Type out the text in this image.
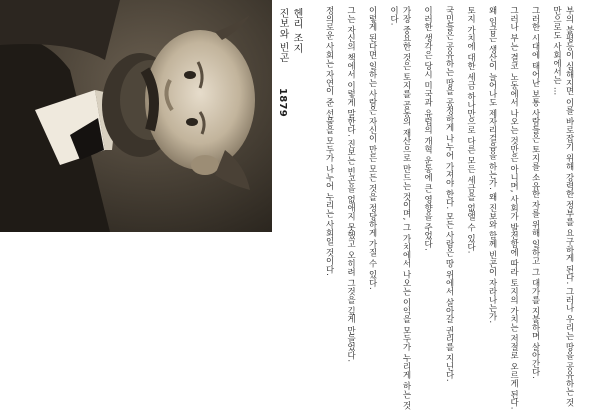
헨리 조지
진보와 빈곤 1879	부의 불평등이 심해지면 이를 바로잡기 위해 강력한 정부를 요구하게 된다. 그러나 우리는 땅을 공유하는 것만으로도 사회에서는 …

그러한 시대에 태어난 보통 사람들은 토지를 소유한 자를 위해 일하고 그 대가를 지불하며 살아간다.

그러나 부는 결코 노동에서 나오는 것만은 아니며, 사회가 발전함에 따라 토지의 가치는 저절로 오르게 된다.

왜 임금은 생산이 늘어나도 제자리걸음을 하는가. 왜 진보와 함께 빈곤이 자라나는가.

토지 가치에 대한 세금 하나만으로 다른 모든 세금을 없앨 수 있다.

국민들은 공유하는 땅을 공정하게 나누어 가져야 한다. 모든 사람은 땅 위에서 살아갈 권리를 지닌다.

이러한 생각은 당시 미국과 유럽의 개혁 운동에 큰 영향을 주었다.

가장 중요한 것은 토지를 공동의 재산으로 만드는 것이며, 그 가치에서 나오는 이익을 모두가 누리게 하는 것이다.

이렇게 된다면 일하는 사람은 자신이 만든 모든 것을 정당하게 가질 수 있다.

그는 자신의 책에서 이렇게 말한다. 진보는 빈곤을 없애지 못했고 오히려 그것을 깊게 만들었다.

정의로운 사회는 자연이 준 선물을 모두가 나누어 누리는 사회일 것이다.
